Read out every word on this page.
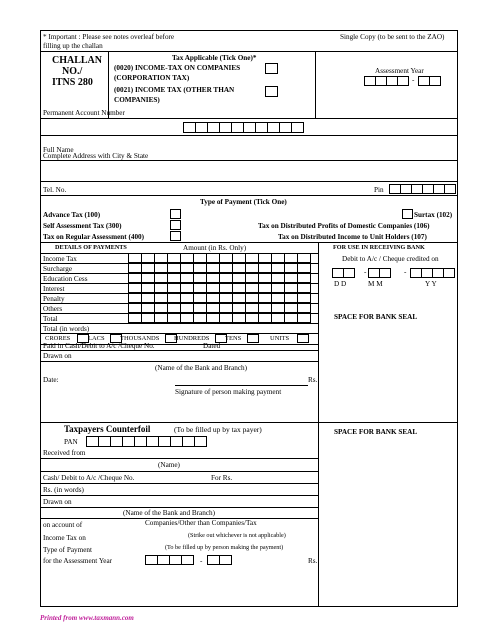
* Important : Please see notes overleaf before
filling up the challan
Single Copy (to be sent to the ZAO)
CHALLAN
NO./
ITNS 280
Tax Applicable (Tick One)*
(0020) INCOME-TAX ON COMPANIES
(CORPORATION TAX)
(0021) INCOME TAX (OTHER THAN
COMPANIES)
Assessment Year
-
Permanent Account Number
Full Name
Complete Address with City & State
Tel. No.	Pin
Type of Payment (Tick One)
Advance Tax (100)
Self Assessment Tax (300)
Tax on Regular Assessment (400)
Surtax (102)
Tax on Distributed Profits of Domestic Companies (106)
Tax on Distributed Income to Unit Holders (107)
DETAILS OF PAYMENTS	Amount (in Rs. Only)
Income Tax
Surcharge
Education Cess
Interest
Penalty
Others
Total
Total (in words)
CRORES	LACS THOUSANDS HUNDREDS TENS	UNITS
Paid in Cash/Debit to A/c /Cheque No.	Dated
Drawn on
(Name of the Bank and Branch)
Date:	Rs.
Signature of person making payment
FOR USE IN RECEIVING BANK
Debit to A/c / Cheque credited on
-	-
D D	M M	Y Y
SPACE FOR BANK SEAL
Taxpayers Counterfoil	(To be filled up by tax payer)
PAN
Received from
(Name)
Cash/ Debit to A/c /Cheque No.	For Rs.
Rs. (in words)
Drawn on
(Name of the Bank and Branch)
on account of	Companies/Other than Companies/Tax
Income Tax on	(Strike out whichever is not applicable)
Type of Payment	(To be filled up by person making the payment)
for the Assessment Year	-	Rs.
SPACE FOR BANK SEAL
Printed from www.taxmann.com
